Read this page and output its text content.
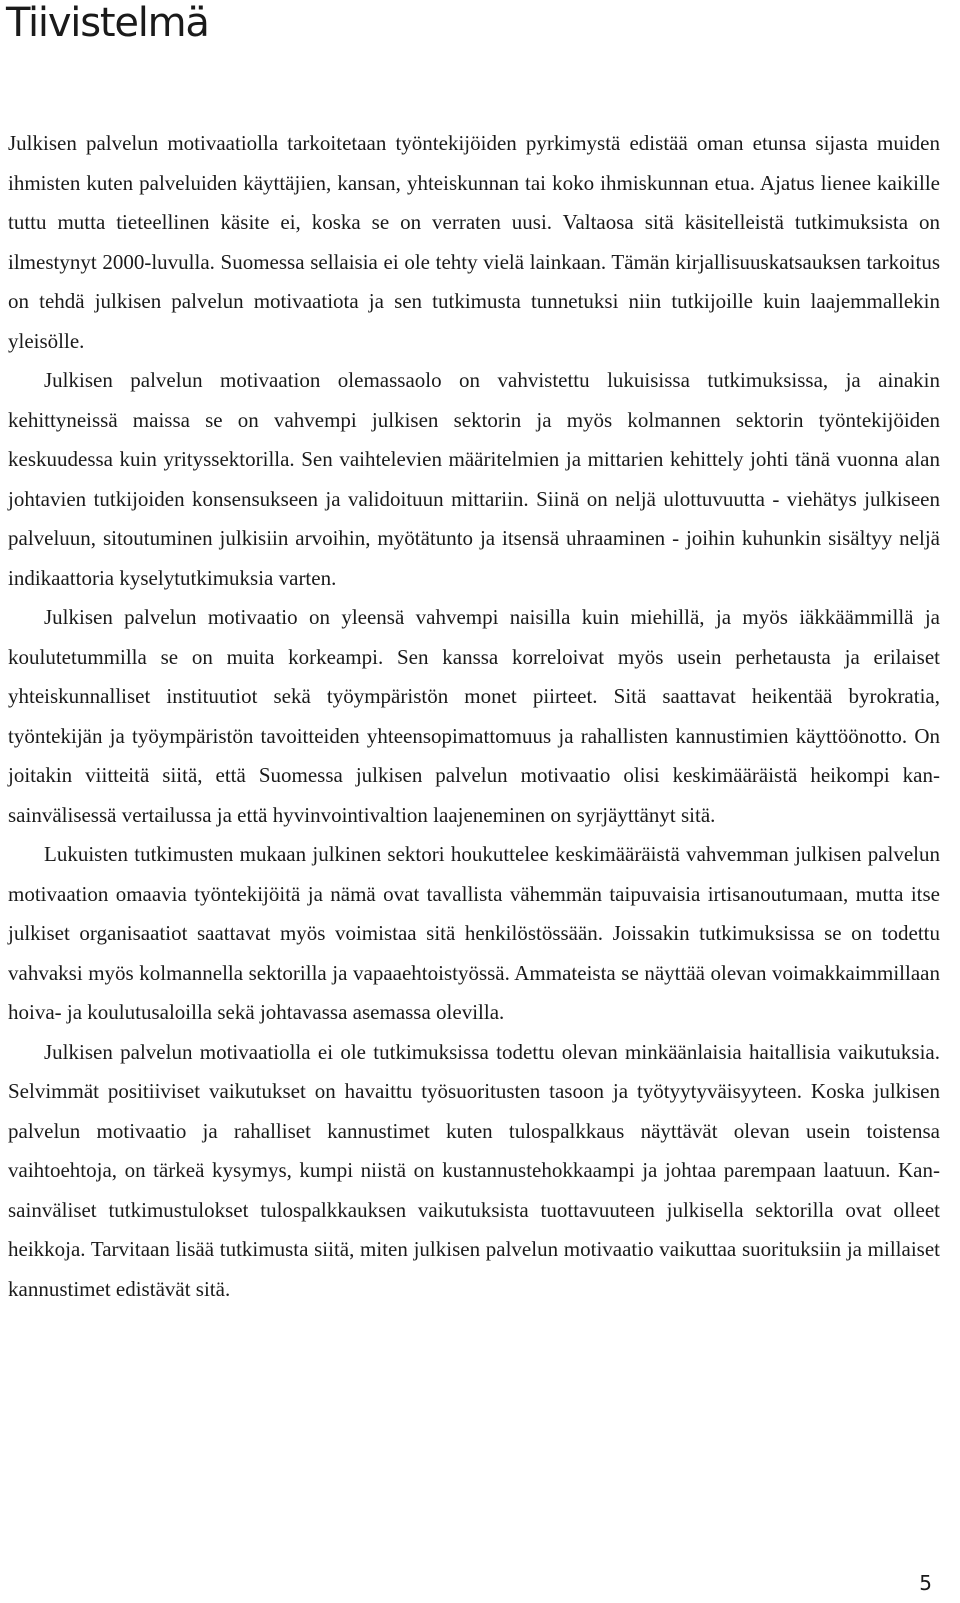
Tiivistelmä

Julkisen palvelun motivaatiolla tarkoitetaan työntekijöiden pyrkimystä edistää oman etunsa sijasta muiden ihmisten kuten palveluiden käyttäjien, kansan, yhteiskunnan tai koko ihmiskunnan etua. Ajatus lienee kaikille tuttu mutta tieteellinen käsite ei, koska se on verraten uusi. Valtaosa sitä käsitelleistä tutkimuksista on ilmestynyt 2000-luvulla. Suomessa sellaisia ei ole tehty vielä lainkaan. Tämän kirjallisuuskatsauksen tarkoitus on tehdä julkisen palvelun motivaatiota ja sen tutkimusta tunnetuksi niin tutkijoille kuin laajemmallekin yleisölle.

Julkisen palvelun motivaation olemassaolo on vahvistettu lukuisissa tutkimuksissa, ja ainakin kehittyneissä maissa se on vahvempi julkisen sektorin ja myös kolmannen sektorin työntekijöiden keskuudessa kuin yrityssektorilla. Sen vaihtelevien määritelmien ja mittarien kehittely johti tänä vuonna alan johtavien tutkijoiden konsensukseen ja validoituun mittariin. Siinä on neljä ulottuvuutta - viehätys julkiseen palveluun, sitoutuminen julkisiin arvoihin, myötätunto ja itsensä uhraaminen - joihin kuhunkin sisältyy neljä indikaattoria kyselytutkimuksia varten.

Julkisen palvelun motivaatio on yleensä vahvempi naisilla kuin miehillä, ja myös iäkkäämmillä ja koulutetummilla se on muita korkeampi. Sen kanssa korreloivat myös usein perhetausta ja erilaiset yhteiskunnalliset instituutiot sekä työympäristön monet piirteet. Sitä saattavat heikentää byrokratia, työntekijän ja työympäristön tavoitteiden yhteensopimattomuus ja rahallisten kannustimien käyttöönotto. On joitakin viitteitä siitä, että Suomessa julkisen palvelun motivaatio olisi keskimääräistä heikompi kansainvälisessä vertailussa ja että hyvinvointivaltion laajeneminen on syrjäyttänyt sitä.

Lukuisten tutkimusten mukaan julkinen sektori houkuttelee keskimääräistä vahvemman julkisen palvelun motivaation omaavia työntekijöitä ja nämä ovat tavallista vähemmän taipuvaisia irtisanoutumaan, mutta itse julkiset organisaatiot saattavat myös voimistaa sitä henkilöstössään. Joissakin tutkimuksissa se on todettu vahvaksi myös kolmannella sektorilla ja vapaaehtoistyössä. Ammateista se näyttää olevan voimakkaimmillaan hoiva- ja koulutusaloilla sekä johtavassa asemassa olevilla.

Julkisen palvelun motivaatiolla ei ole tutkimuksissa todettu olevan minkäänlaisia haitallisia vaikutuksia. Selvimmät positiiviset vaikutukset on havaittu työsuoritusten tasoon ja työtyytyväisyyteen. Koska julkisen palvelun motivaatio ja rahalliset kannustimet kuten tulospalkkaus näyttävät olevan usein toistensa vaihtoehtoja, on tärkeä kysymys, kumpi niistä on kustannustehokkaampi ja johtaa parempaan laatuun. Kansainväliset tutkimustulokset tulospalkkauksen vaikutuksista tuottavuuteen julkisella sektorilla ovat olleet heikkoja. Tarvitaan lisää tutkimusta siitä, miten julkisen palvelun motivaatio vaikuttaa suorituksiin ja millaiset kannustimet edistävät sitä.

5
